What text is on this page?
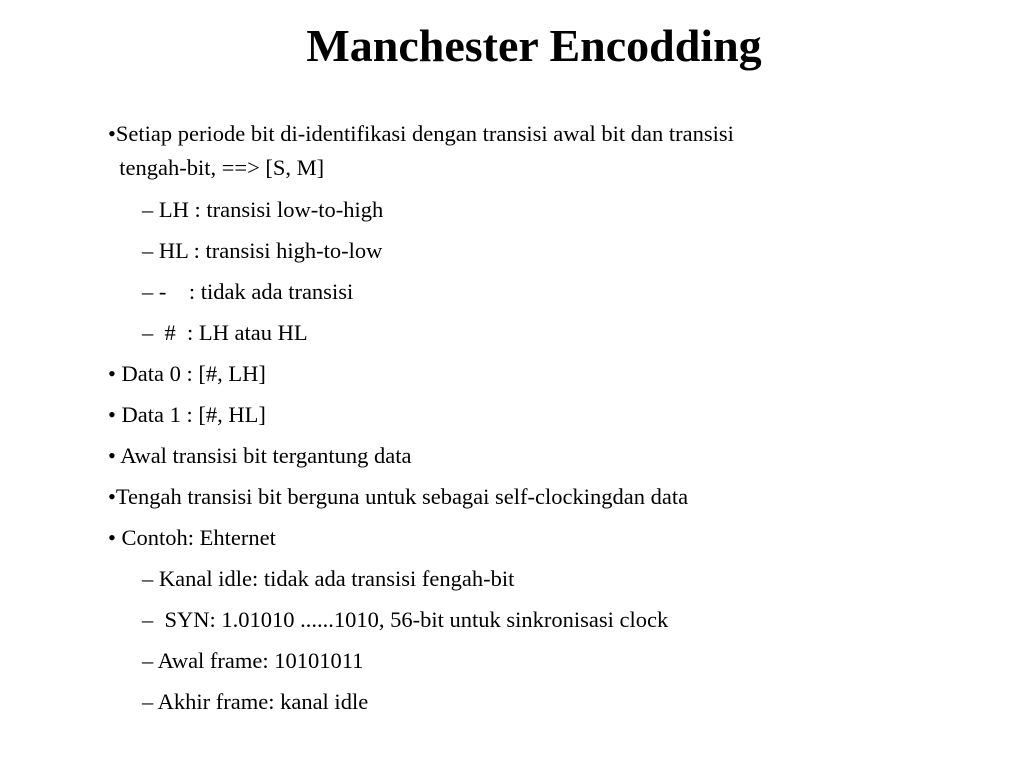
Manchester Encodding
•Setiap periode bit di-identifikasi dengan transisi awal bit dan transisi
tengah-bit, ==> [S, M]
– LH : transisi low-to-high
– HL : transisi high-to-low
– -    : tidak ada transisi
–  #  : LH atau HL
• Data 0 : [#, LH]
• Data 1 : [#, HL]
• Awal transisi bit tergantung data
•Tengah transisi bit berguna untuk sebagai self-clockingdan data
• Contoh: Ehternet
– Kanal idle: tidak ada transisi fengah-bit
–  SYN: 1.01010 ......1010, 56-bit untuk sinkronisasi clock
– Awal frame: 10101011
– Akhir frame: kanal idle
